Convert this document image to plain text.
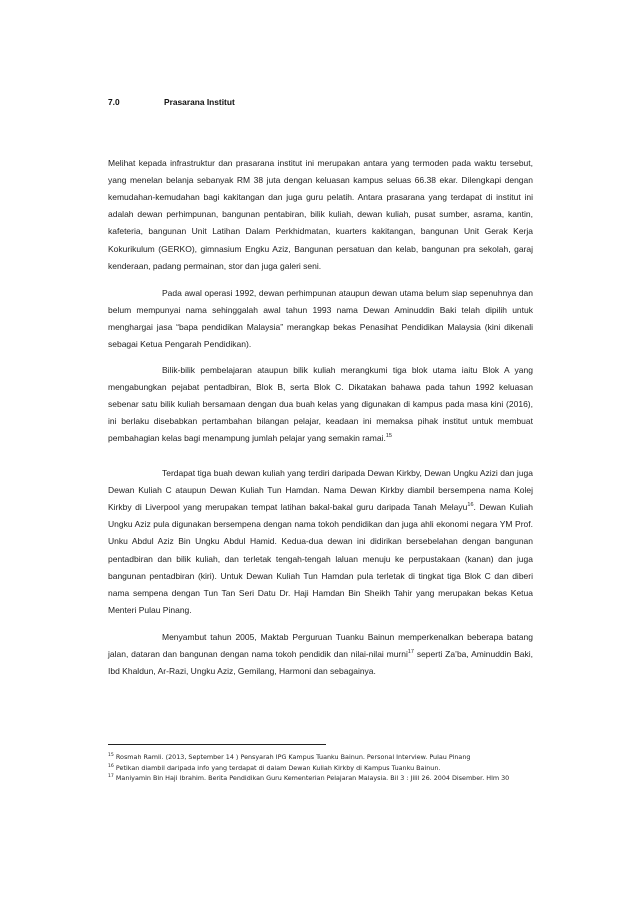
7.0	Prasarana Institut

Melihat kepada infrastruktur dan prasarana institut ini merupakan antara yang termoden pada waktu tersebut, yang menelan belanja sebanyak RM 38 juta dengan keluasan kampus seluas 66.38 ekar. Dilengkapi dengan kemudahan-kemudahan bagi kakitangan dan juga guru pelatih. Antara prasarana yang terdapat di institut ini adalah dewan perhimpunan, bangunan pentabiran, bilik kuliah, dewan kuliah, pusat sumber, asrama, kantin, kafeteria, bangunan Unit Latihan Dalam Perkhidmatan, kuarters kakitangan, bangunan Unit Gerak Kerja Kokurikulum (GERKO), gimnasium Engku Aziz, Bangunan persatuan dan kelab, bangunan pra sekolah, garaj kenderaan, padang permainan, stor dan juga galeri seni.

Pada awal operasi 1992, dewan perhimpunan ataupun dewan utama belum siap sepenuhnya dan belum mempunyai nama sehinggalah awal tahun 1993 nama Dewan Aminuddin Baki telah dipilih untuk menghargai jasa “bapa pendidikan Malaysia” merangkap bekas Penasihat Pendidikan Malaysia (kini dikenali sebagai Ketua Pengarah Pendidikan).

Bilik-bilik pembelajaran ataupun bilik kuliah merangkumi tiga blok utama iaitu Blok A yang mengabungkan pejabat pentadbiran, Blok B, serta Blok C. Dikatakan bahawa pada tahun 1992 keluasan sebenar satu bilik kuliah bersamaan dengan dua buah kelas yang digunakan di kampus pada masa kini (2016), ini berlaku disebabkan pertambahan bilangan pelajar, keadaan ini memaksa pihak institut untuk membuat pembahagian kelas bagi menampung jumlah pelajar yang semakin ramai.$^{15}$

Terdapat tiga buah dewan kuliah yang terdiri daripada Dewan Kirkby, Dewan Ungku Azizi dan juga Dewan Kuliah C ataupun Dewan Kuliah Tun Hamdan. Nama Dewan Kirkby diambil bersempena nama Kolej Kirkby di Liverpool yang merupakan tempat latihan bakal-bakal guru daripada Tanah Melayu$^{16}$. Dewan Kuliah Ungku Aziz pula digunakan bersempena dengan nama tokoh pendidikan dan juga ahli ekonomi negara YM Prof. Unku Abdul Aziz Bin Ungku Abdul Hamid. Kedua-dua dewan ini didirikan bersebelahan dengan bangunan pentadbiran dan bilik kuliah, dan terletak tengah-tengah laluan menuju ke perpustakaan (kanan) dan juga bangunan pentadbiran (kiri). Untuk Dewan Kuliah Tun Hamdan pula terletak di tingkat tiga Blok C dan diberi nama sempena dengan Tun Tan Seri Datu Dr. Haji Hamdan Bin Sheikh Tahir yang merupakan bekas Ketua Menteri Pulau Pinang.

Menyambut tahun 2005, Maktab Perguruan Tuanku Bainun memperkenalkan beberapa batang jalan, dataran dan bangunan dengan nama tokoh pendidik dan nilai-nilai murni$^{17}$ seperti Za’ba, Aminuddin Baki, Ibd Khaldun, Ar-Razi, Ungku Aziz, Gemilang, Harmoni dan sebagainya.

$^{15}$ Rosmah Ramli. (2013, September 14 ) Pensyarah IPG Kampus Tuanku Bainun. Personal Interview. Pulau Pinang
$^{16}$ Petikan diambil daripada info yang terdapat di dalam Dewan Kuliah Kirkby di Kampus Tuanku Bainun.
$^{17}$ Maniyamin Bin Haji Ibrahim. Berita Pendidikan Guru Kementerian Pelajaran Malaysia. Bil 3 : Jilil 26. 2004 Disember. Hlm 30
